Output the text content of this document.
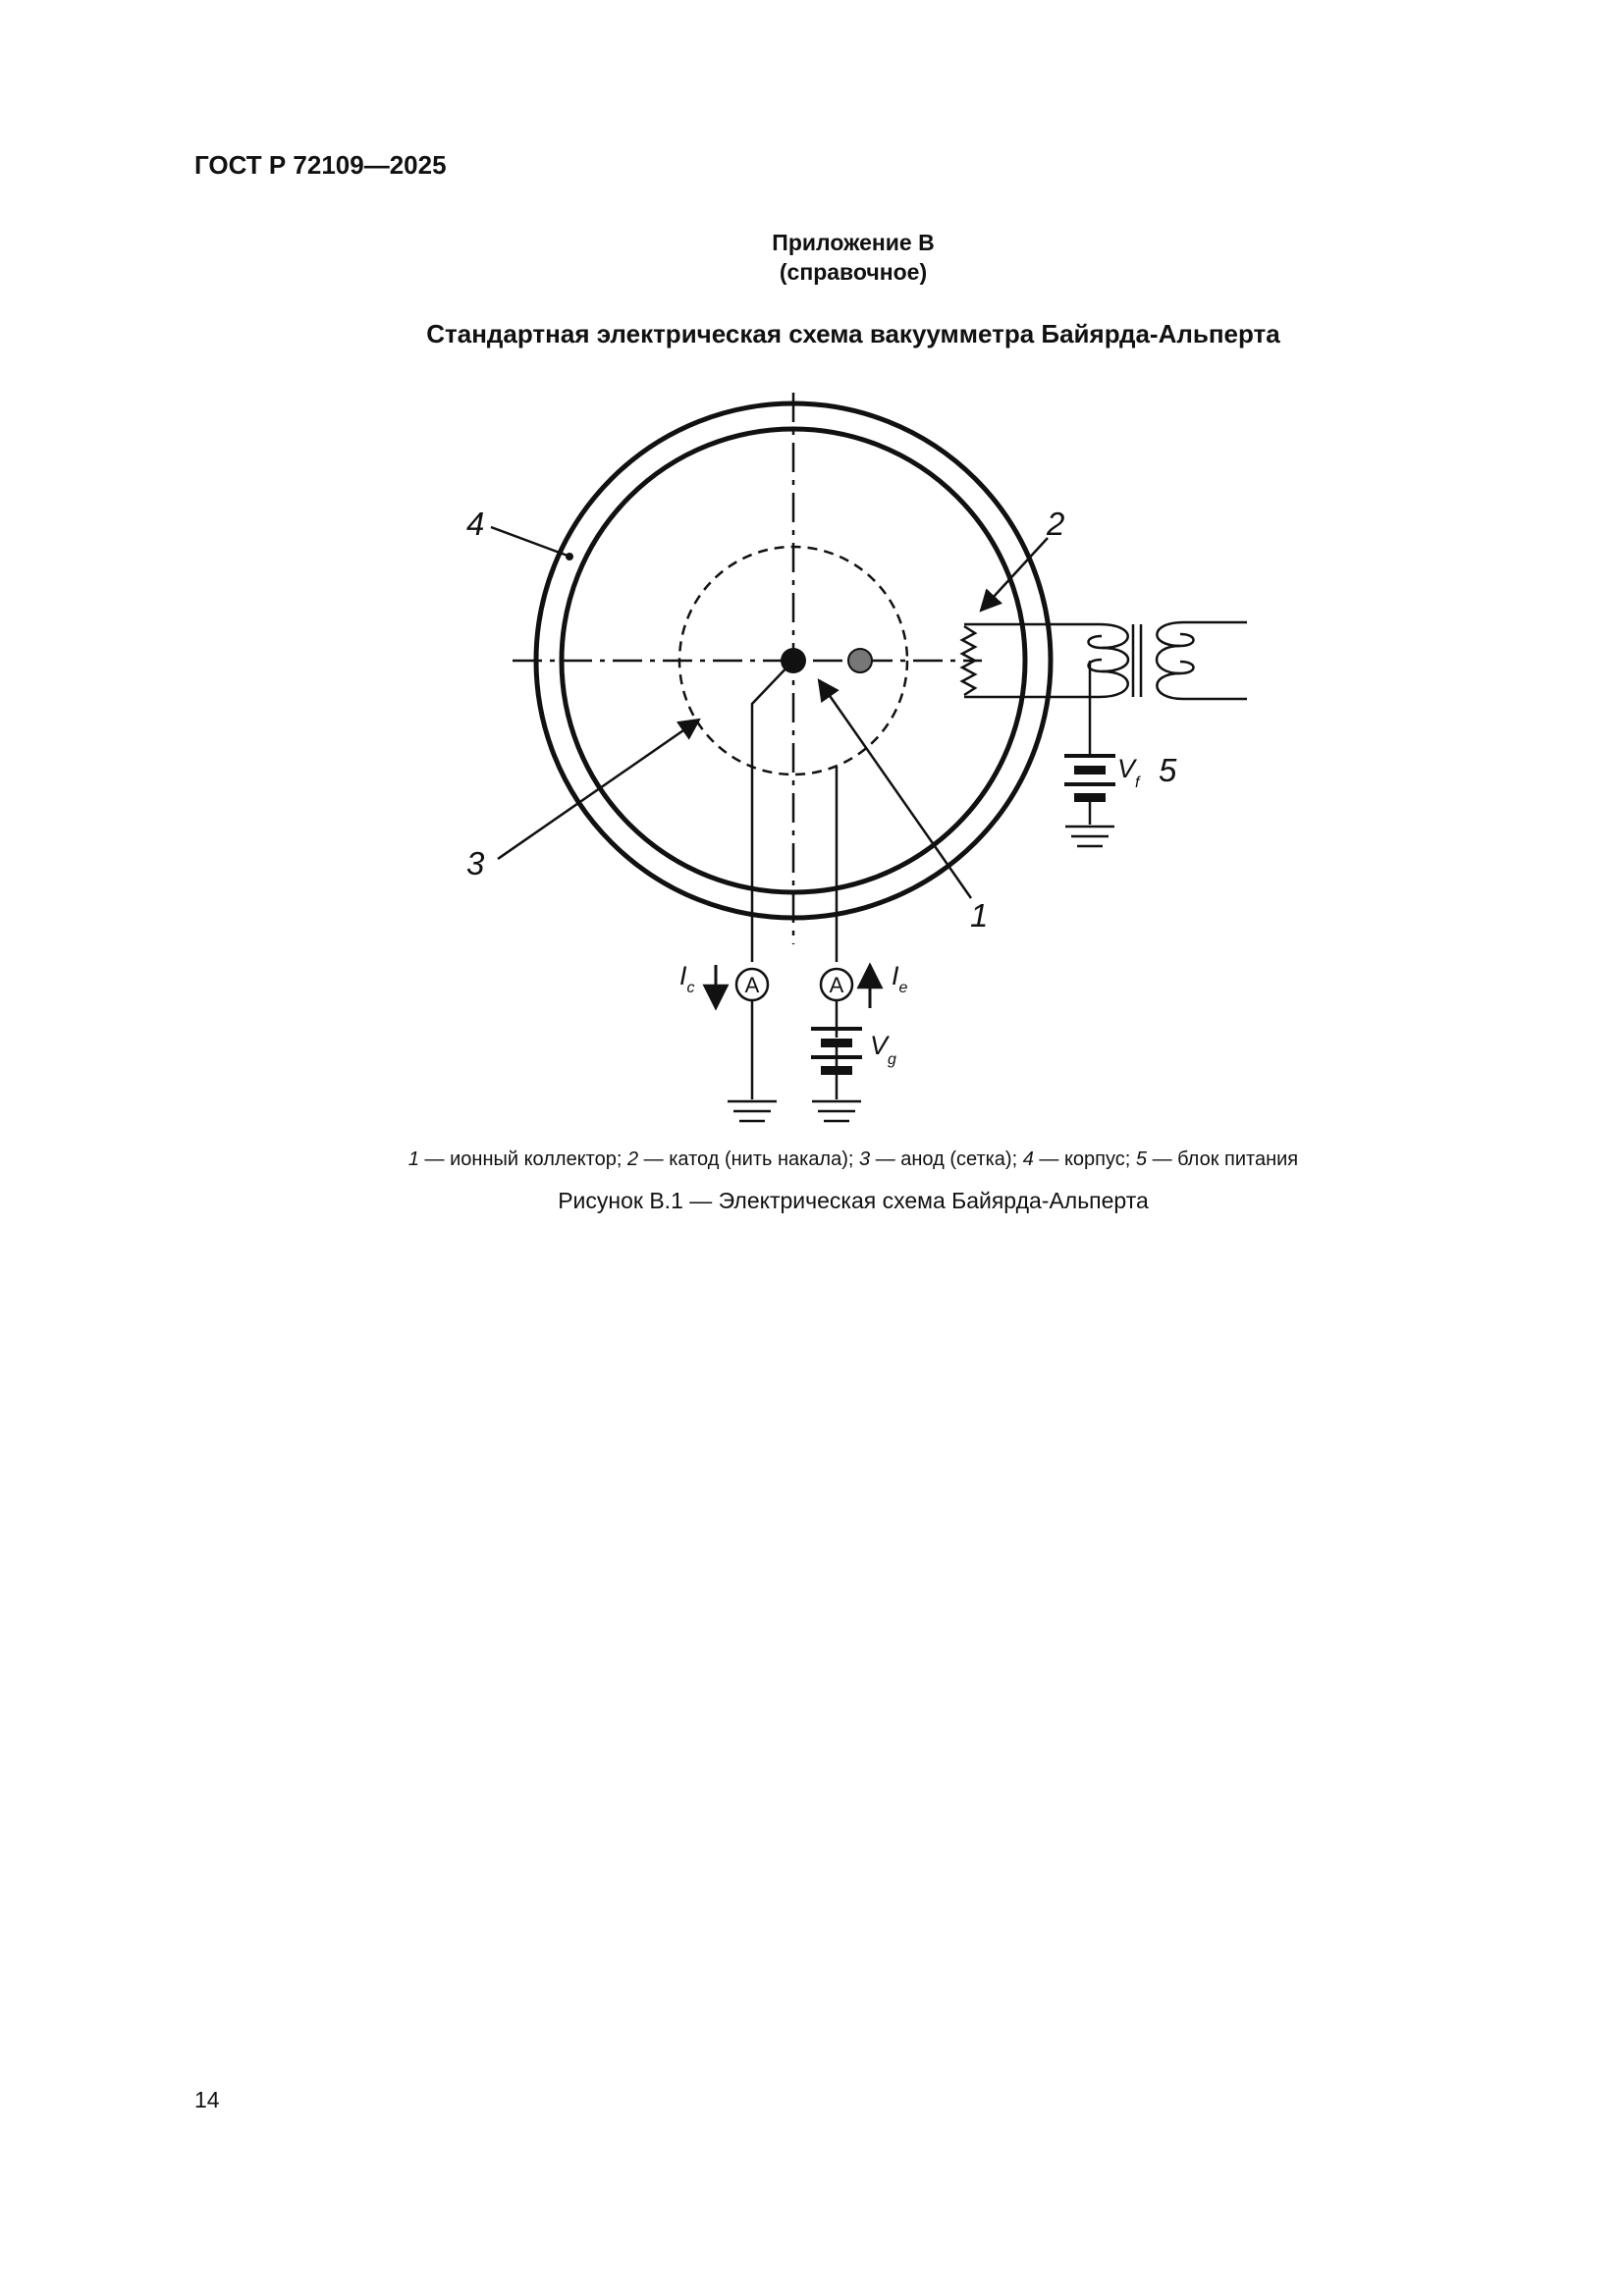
ГОСТ Р 72109—2025
Приложение В
(справочное)
Стандартная электрическая схема вакуумметра Байярда-Альперта
A
$I_c$	A $I_e$
$V_g$
$V_f$
1
2
3
4
5
1 — ионный коллектор; 2 — катод (нить накала); 3 — анод (сетка); 4 — корпус; 5 — блок питания
Рисунок В.1 — Электрическая схема Байярда-Альперта
14
